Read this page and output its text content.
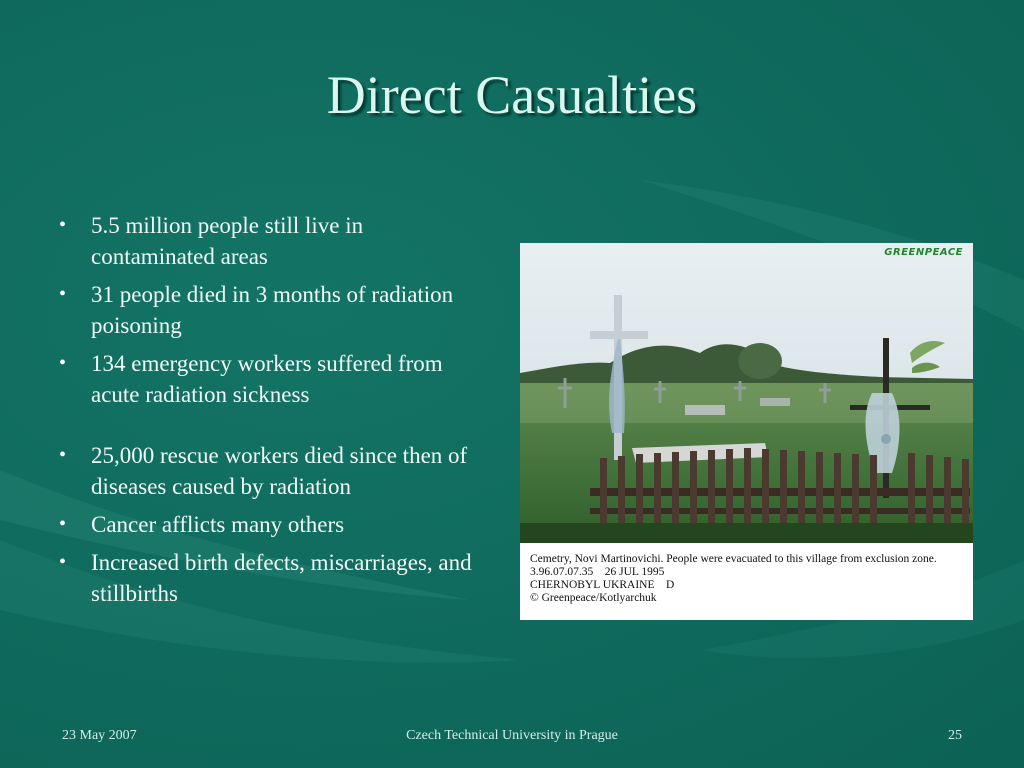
Direct Casualties
• 5.5 million people still live in contaminated areas
• 31 people died in 3 months of radiation poisoning
• 134 emergency workers suffered from acute radiation sickness
• 25,000 rescue workers died since then of diseases caused by radiation
• Cancer afflicts many others
• Increased birth defects, miscarriages, and stillbirths
GREENPEACE
Cemetry, Novi Martinovichi. People were evacuated to this village from exclusion zone.
3.96.07.07.35    26 JUL 1995
CHERNOBYL UKRAINE    D
© Greenpeace/Kotlyarchuk
23 May 2007	Czech Technical University in Prague	25
